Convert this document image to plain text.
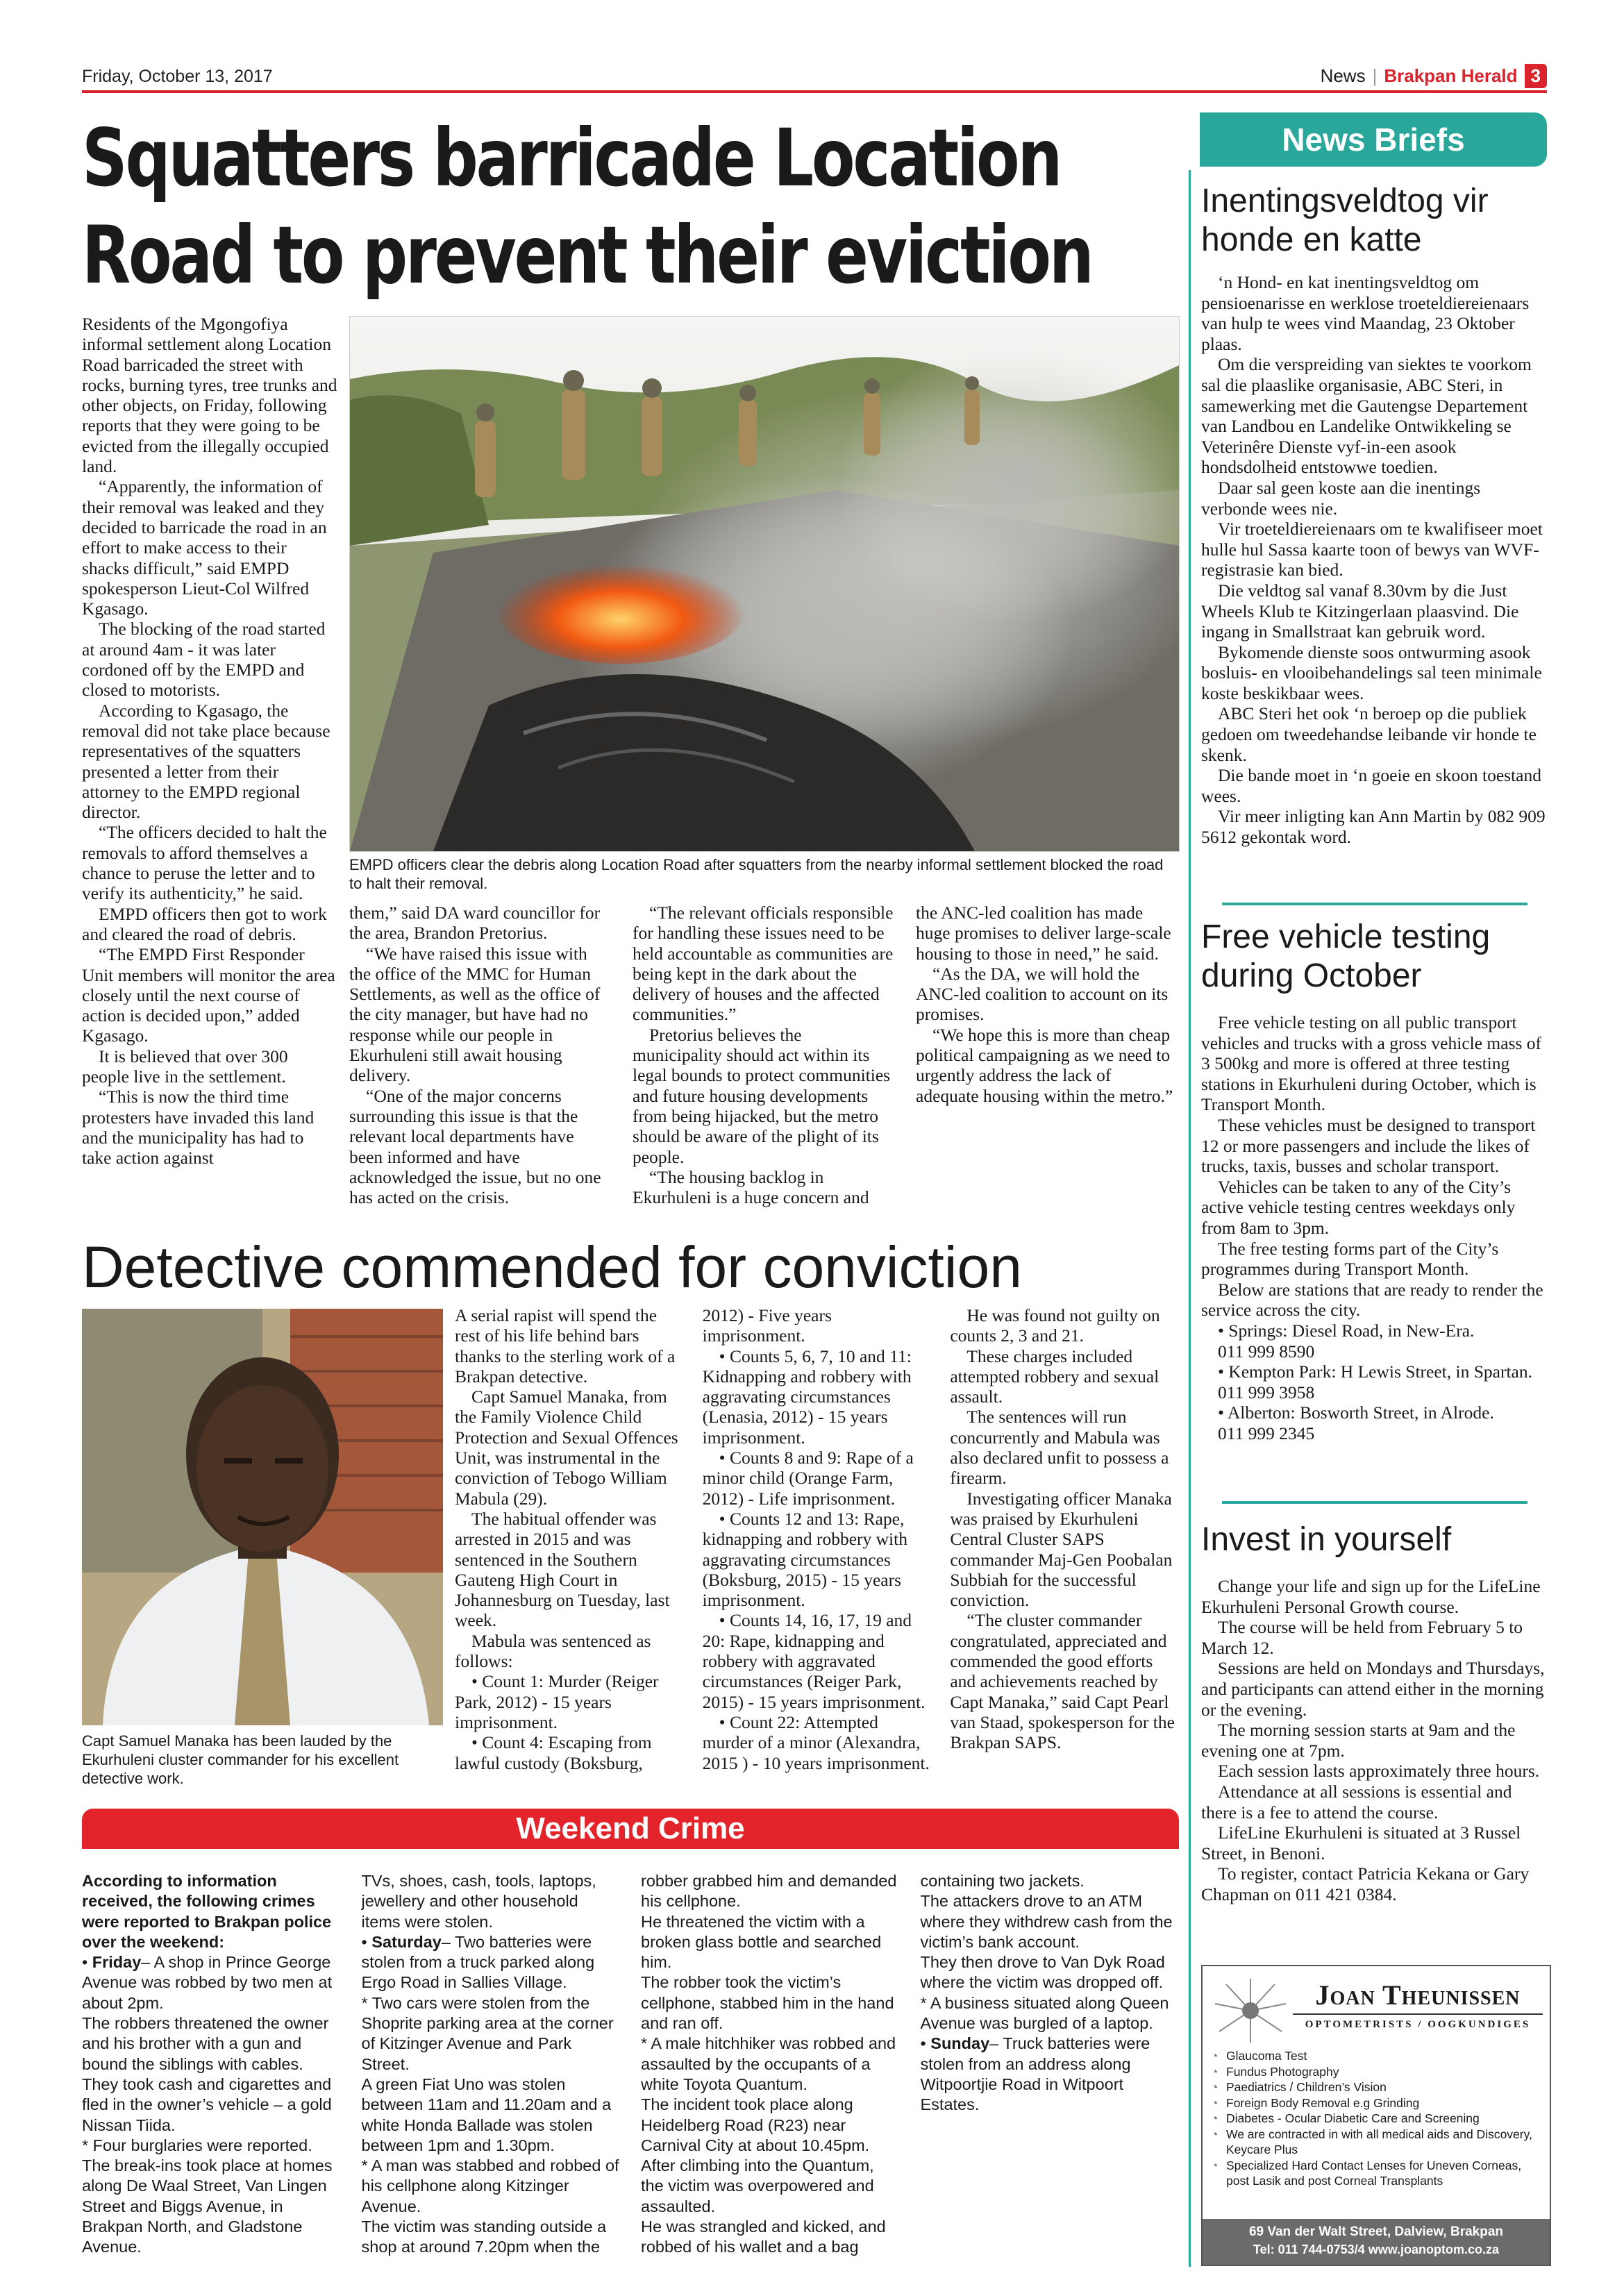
Friday, October 13, 2017	News | Brakpan Herald 3
Squatters barricade Location
Road to prevent their eviction

Residents of the Mgongofiya informal settlement along Location Road barricaded the street with rocks, burning tyres, tree trunks and other objects, on Friday, following reports that they were going to be evicted from the illegally occupied land.

“Apparently, the information of their removal was leaked and they decided to barricade the road in an effort to make access to their shacks difficult,” said EMPD spokesperson Lieut-Col Wilfred Kgasago.

The blocking of the road started at around 4am - it was later cordoned off by the EMPD and closed to motorists.

According to Kgasago, the removal did not take place because representatives of the squatters presented a letter from their attorney to the EMPD regional director.

“The officers decided to halt the removals to afford themselves a chance to peruse the letter and to verify its authenticity,” he said.

EMPD officers then got to work and cleared the road of debris.

“The EMPD First Responder Unit members will monitor the area closely until the next course of action is decided upon,” added Kgasago.

It is believed that over 300 people live in the settlement.

“This is now the third time protesters have invaded this land and the municipality has had to take action against

EMPD officers clear the debris along Location Road after squatters from the nearby informal settlement blocked the road to halt their removal.

them,” said DA ward councillor for the area, Brandon Pretorius.

“We have raised this issue with the office of the MMC for Human Settlements, as well as the office of the city manager, but have had no response while our people in Ekurhuleni still await housing delivery.

“One of the major concerns surrounding this issue is that the relevant local departments have been informed and have acknowledged the issue, but no one has acted on the crisis.

“The relevant officials responsible for handling these issues need to be held accountable as communities are being kept in the dark about the delivery of houses and the affected communities.”

Pretorius believes the municipality should act within its legal bounds to protect communities and future housing developments from being hijacked, but the metro should be aware of the plight of its people.

“The housing backlog in Ekurhuleni is a huge concern and the ANC-led coalition has made huge promises to deliver large-scale housing to those in need,” he said.

“As the DA, we will hold the ANC-led coalition to account on its promises.

“We hope this is more than cheap political campaigning as we need to urgently address the lack of adequate housing within the metro.”

Detective commended for conviction
Capt Samuel Manaka has been lauded by the Ekurhuleni cluster commander for his excellent detective work.

A serial rapist will spend the rest of his life behind bars thanks to the sterling work of a Brakpan detective.

Capt Samuel Manaka, from the Family Violence Child Protection and Sexual Offences Unit, was instrumental in the conviction of Tebogo William Mabula (29).

The habitual offender was arrested in 2015 and was sentenced in the Southern Gauteng High Court in Johannesburg on Tuesday, last week.

Mabula was sentenced as follows:

• Count 1: Murder (Reiger Park, 2012) - 15 years imprisonment.

• Count 4: Escaping from lawful custody (Boksburg, 2012) - Five years imprisonment.

• Counts 5, 6, 7, 10 and 11: Kidnapping and robbery with aggravating circumstances (Lenasia, 2012) - 15 years imprisonment.

• Counts 8 and 9: Rape of a minor child (Orange Farm, 2012) - Life imprisonment.

• Counts 12 and 13: Rape, kidnapping and robbery with aggravating circumstances (Boksburg, 2015) - 15 years imprisonment.

• Counts 14, 16, 17, 19 and 20: Rape, kidnapping and robbery with aggravated circumstances (Reiger Park, 2015) - 15 years imprisonment.

• Count 22: Attempted murder of a minor (Alexandra, 2015 ) - 10 years imprisonment.

He was found not guilty on counts 2, 3 and 21.

These charges included attempted robbery and sexual assault.

The sentences will run concurrently and Mabula was also declared unfit to possess a firearm.

Investigating officer Manaka was praised by Ekurhuleni Central Cluster SAPS commander Maj-Gen Poobalan Subbiah for the successful conviction.

“The cluster commander congratulated, appreciated and commended the good efforts and achievements reached by Capt Manaka,” said Capt Pearl van Staad, spokesperson for the Brakpan SAPS.

Weekend Crime

According to information received, the following crimes were reported to Brakpan police over the weekend:

• Friday– A shop in Prince George Avenue was robbed by two men at about 2pm.

The robbers threatened the owner and his brother with a gun and bound the siblings with cables.

They took cash and cigarettes and fled in the owner’s vehicle – a gold Nissan Tiida.

* Four burglaries were reported. The break-ins took place at homes along De Waal Street, Van Lingen Street and Biggs Avenue, in Brakpan North, and Gladstone Avenue.

TVs, shoes, cash, tools, laptops, jewellery and other household items were stolen.

• Saturday– Two batteries were stolen from a truck parked along Ergo Road in Sallies Village.

* Two cars were stolen from the Shoprite parking area at the corner of Kitzinger Avenue and Park Street.

A green Fiat Uno was stolen between 11am and 11.20am and a white Honda Ballade was stolen between 1pm and 1.30pm.

* A man was stabbed and robbed of his cellphone along Kitzinger Avenue.

The victim was standing outside a shop at around 7.20pm when the robber grabbed him and demanded his cellphone.

He threatened the victim with a broken glass bottle and searched him.

The robber took the victim’s cellphone, stabbed him in the hand and ran off.

* A male hitchhiker was robbed and assaulted by the occupants of a white Toyota Quantum.

The incident took place along Heidelberg Road (R23) near Carnival City at about 10.45pm.

After climbing into the Quantum, the victim was overpowered and assaulted.

He was strangled and kicked, and robbed of his wallet and a bag containing two jackets.

The attackers drove to an ATM where they withdrew cash from the victim’s bank account.

They then drove to Van Dyk Road where the victim was dropped off.

* A business situated along Queen Avenue was burgled of a laptop.

• Sunday– Truck batteries were stolen from an address along Witpoortjie Road in Witpoort Estates.

News Briefs
Inentingsveldtog vir honde en katte

‘n Hond- en kat inentingsveldtog om pensioenarisse en werklose troeteldiereienaars van hulp te wees vind Maandag, 23 Oktober plaas.

Om die verspreiding van siektes te voorkom sal die plaaslike organisasie, ABC Steri, in samewerking met die Gautengse Departement van Landbou en Landelike Ontwikkeling se Veterinêre Dienste vyf-in-een asook hondsdolheid entstowwe toedien.

Daar sal geen koste aan die inentings verbonde wees nie.

Vir troeteldiereienaars om te kwalifiseer moet hulle hul Sassa kaarte toon of bewys van WVF-registrasie kan bied.

Die veldtog sal vanaf 8.30vm by die Just Wheels Klub te Kitzingerlaan plaasvind. Die ingang in Smallstraat kan gebruik word.

Bykomende dienste soos ontwurming asook bosluis- en vlooibehandelings sal teen minimale koste beskikbaar wees.

ABC Steri het ook ‘n beroep op die publiek gedoen om tweedehandse leibande vir honde te skenk.

Die bande moet in ‘n goeie en skoon toestand wees.

Vir meer inligting kan Ann Martin by 082 909 5612 gekontak word.

Free vehicle testing during October

Free vehicle testing on all public transport vehicles and trucks with a gross vehicle mass of 3 500kg and more is offered at three testing stations in Ekurhuleni during October, which is Transport Month.

These vehicles must be designed to transport 12 or more passengers and include the likes of trucks, taxis, busses and scholar transport.

Vehicles can be taken to any of the City’s active vehicle testing centres weekdays only from 8am to 3pm.

The free testing forms part of the City’s programmes during Transport Month.

Below are stations that are ready to render the service across the city.

• Springs: Diesel Road, in New-Era.

011 999 8590

• Kempton Park: H Lewis Street, in Spartan.

011 999 3958

• Alberton: Bosworth Street, in Alrode.

011 999 2345

Invest in yourself

Change your life and sign up for the LifeLine Ekurhuleni Personal Growth course.

The course will be held from February 5 to March 12.

Sessions are held on Mondays and Thursdays, and participants can attend either in the morning or the evening.

The morning session starts at 9am and the evening one at 7pm.

Each session lasts approximately three hours.

Attendance at all sessions is essential and there is a fee to attend the course.

LifeLine Ekurhuleni is situated at 3 Russel Street, in Benoni.

To register, contact Patricia Kekana or Gary Chapman on 011 421 0384.

Joan Theunissen
OPTOMETRISTS / OOGKUNDIGES
◔ Glaucoma Test
◔ Fundus Photography
◔ Paediatrics / Children’s Vision
◔ Foreign Body Removal e.g Grinding
◔ Diabetes - Ocular Diabetic Care and Screening
◔ We are contracted in with all medical aids and Discovery, Keycare Plus
◔ Specialized Hard Contact Lenses for Uneven Corneas, post Lasik and post Corneal Transplants
69 Van der Walt Street, Dalview, Brakpan
Tel: 011 744-0753/4 www.joanoptom.co.za
